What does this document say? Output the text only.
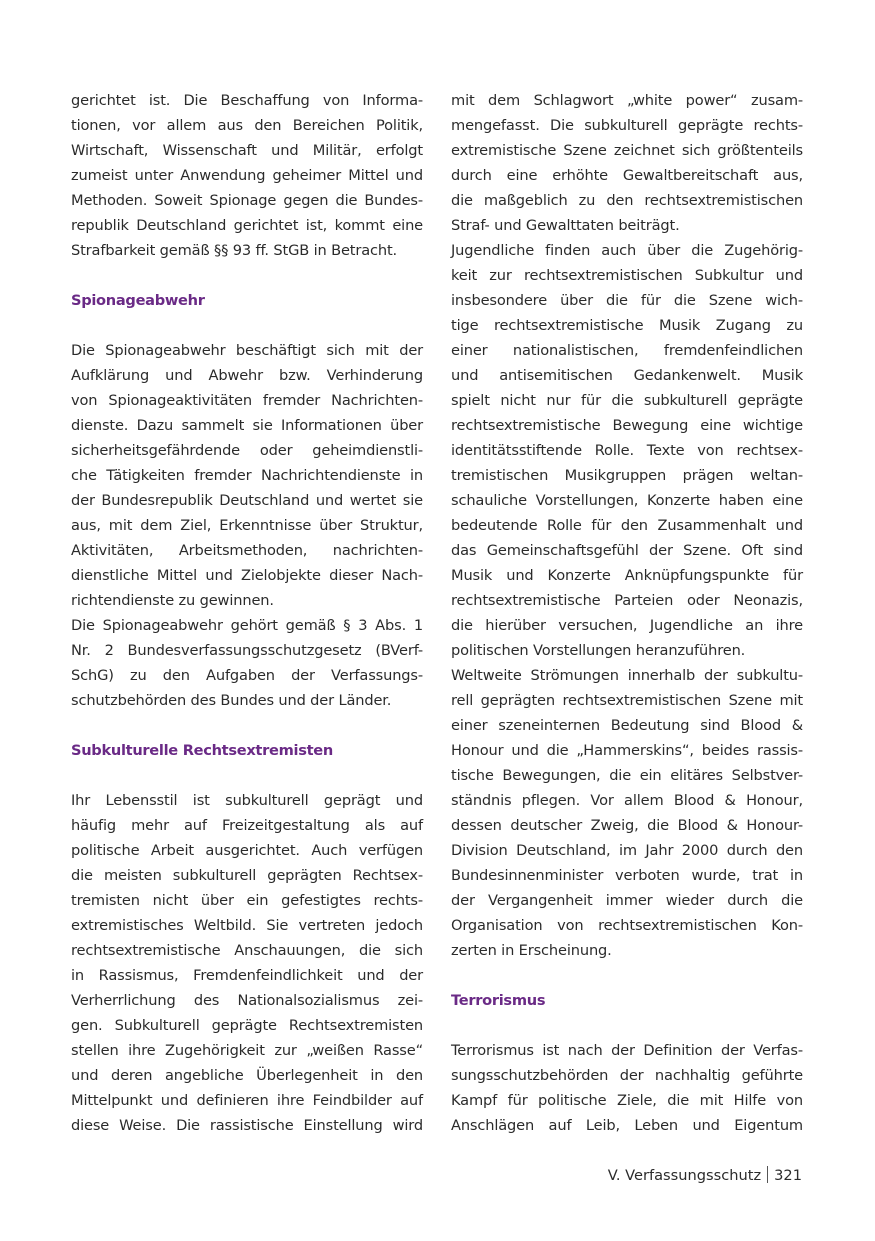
gerichtet ist. Die Beschaffung von Informa-
tionen, vor allem aus den Bereichen Politik,
Wirtschaft, Wissenschaft und Militär, erfolgt
zumeist unter Anwendung geheimer Mittel und
Methoden. Soweit Spionage gegen die Bundes-
republik Deutschland gerichtet ist, kommt eine
Strafbarkeit gemäß §§ 93 ff. StGB in Betracht.
Spionageabwehr
Die Spionageabwehr beschäftigt sich mit der
Aufklärung und Abwehr bzw. Verhinderung
von Spionageaktivitäten fremder Nachrichten-
dienste. Dazu sammelt sie Informationen über
sicherheitsgefährdende oder geheimdienstli-
che Tätigkeiten fremder Nachrichtendienste in
der Bundesrepublik Deutschland und wertet sie
aus, mit dem Ziel, Erkenntnisse über Struktur,
Aktivitäten, Arbeitsmethoden, nachrichten-
dienstliche Mittel und Zielobjekte dieser Nach-
richtendienste zu gewinnen.
Die Spionageabwehr gehört gemäß § 3 Abs. 1
Nr. 2 Bundesverfassungsschutzgesetz (BVerf-
SchG) zu den Aufgaben der Verfassungs-
schutzbehörden des Bundes und der Länder.
Subkulturelle Rechtsextremisten
Ihr Lebensstil ist subkulturell geprägt und
häufig mehr auf Freizeitgestaltung als auf
politische Arbeit ausgerichtet. Auch verfügen
die meisten subkulturell geprägten Rechtsex-
tremisten nicht über ein gefestigtes rechts-
extremistisches Weltbild. Sie vertreten jedoch
rechtsextremistische Anschauungen, die sich
in Rassismus, Fremdenfeindlichkeit und der
Verherrlichung des Nationalsozialismus zei-
gen. Subkulturell geprägte Rechtsextremisten
stellen ihre Zugehörigkeit zur „weißen Rasse“
und deren angebliche Überlegenheit in den
Mittelpunkt und definieren ihre Feindbilder auf
diese Weise. Die rassistische Einstellung wird
mit dem Schlagwort „white power“ zusam-
mengefasst. Die subkulturell geprägte rechts-
extremistische Szene zeichnet sich größtenteils
durch eine erhöhte Gewaltbereitschaft aus,
die maßgeblich zu den rechtsextremistischen
Straf- und Gewalttaten beiträgt.
Jugendliche finden auch über die Zugehörig-
keit zur rechtsextremistischen Subkultur und
insbesondere über die für die Szene wich-
tige rechtsextremistische Musik Zugang zu
einer nationalistischen, fremdenfeindlichen
und antisemitischen Gedankenwelt. Musik
spielt nicht nur für die subkulturell geprägte
rechtsextremistische Bewegung eine wichtige
identitätsstiftende Rolle. Texte von rechtsex-
tremistischen Musikgruppen prägen weltan-
schauliche Vorstellungen, Konzerte haben eine
bedeutende Rolle für den Zusammenhalt und
das Gemeinschaftsgefühl der Szene. Oft sind
Musik und Konzerte Anknüpfungspunkte für
rechtsextremistische Parteien oder Neonazis,
die hierüber versuchen, Jugendliche an ihre
politischen Vorstellungen heranzuführen.
Weltweite Strömungen innerhalb der subkultu-
rell geprägten rechtsextremistischen Szene mit
einer szeneinternen Bedeutung sind Blood &
Honour und die „Hammerskins“, beides rassis-
tische Bewegungen, die ein elitäres Selbstver-
ständnis pflegen. Vor allem Blood & Honour,
dessen deutscher Zweig, die Blood & Honour-
Division Deutschland, im Jahr 2000 durch den
Bundesinnenminister verboten wurde, trat in
der Vergangenheit immer wieder durch die
Organisation von rechtsextremistischen Kon-
zerten in Erscheinung.
Terrorismus
Terrorismus ist nach der Definition der Verfas-
sungsschutzbehörden der nachhaltig geführte
Kampf für politische Ziele, die mit Hilfe von
Anschlägen auf Leib, Leben und Eigentum
V. Verfassungsschutz 321
